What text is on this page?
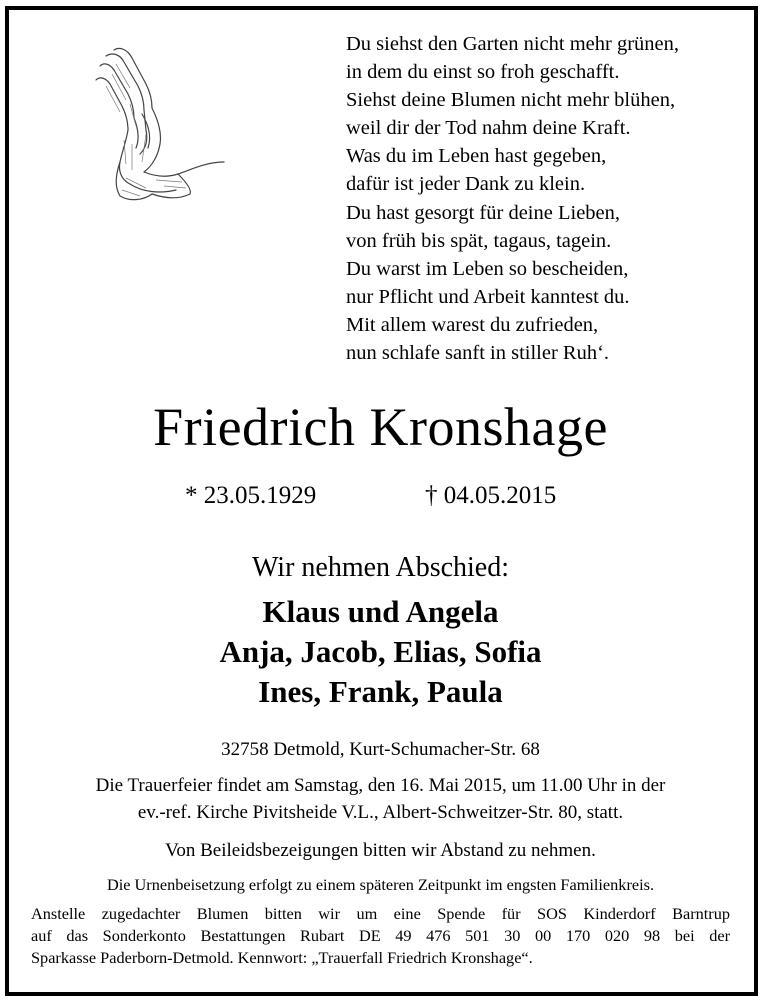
Du siehst den Garten nicht mehr grünen,
in dem du einst so froh geschafft.
Siehst deine Blumen nicht mehr blühen,
weil dir der Tod nahm deine Kraft.
Was du im Leben hast gegeben,
dafür ist jeder Dank zu klein.
Du hast gesorgt für deine Lieben,
von früh bis spät, tagaus, tagein.
Du warst im Leben so bescheiden,
nur Pflicht und Arbeit kanntest du.
Mit allem warest du zufrieden,
nun schlafe sanft in stiller Ruh‘.
Friedrich Kronshage
* 23.05.1929	† 04.05.2015
Wir nehmen Abschied:
Klaus und Angela
Anja, Jacob, Elias, Sofia
Ines, Frank, Paula
32758 Detmold, Kurt-Schumacher-Str. 68
Die Trauerfeier findet am Samstag, den 16. Mai 2015, um 11.00 Uhr in der
ev.-ref. Kirche Pivitsheide V.L., Albert-Schweitzer-Str. 80, statt.
Von Beileidsbezeigungen bitten wir Abstand zu nehmen.
Die Urnenbeisetzung erfolgt zu einem späteren Zeitpunkt im engsten Familienkreis.
Anstelle zugedachter Blumen bitten wir um eine Spende für SOS Kinderdorf Barntrup
auf das Sonderkonto Bestattungen Rubart DE 49 476 501 30 00 170 020 98 bei der
Sparkasse Paderborn-Detmold. Kennwort: „Trauerfall Friedrich Kronshage“.
